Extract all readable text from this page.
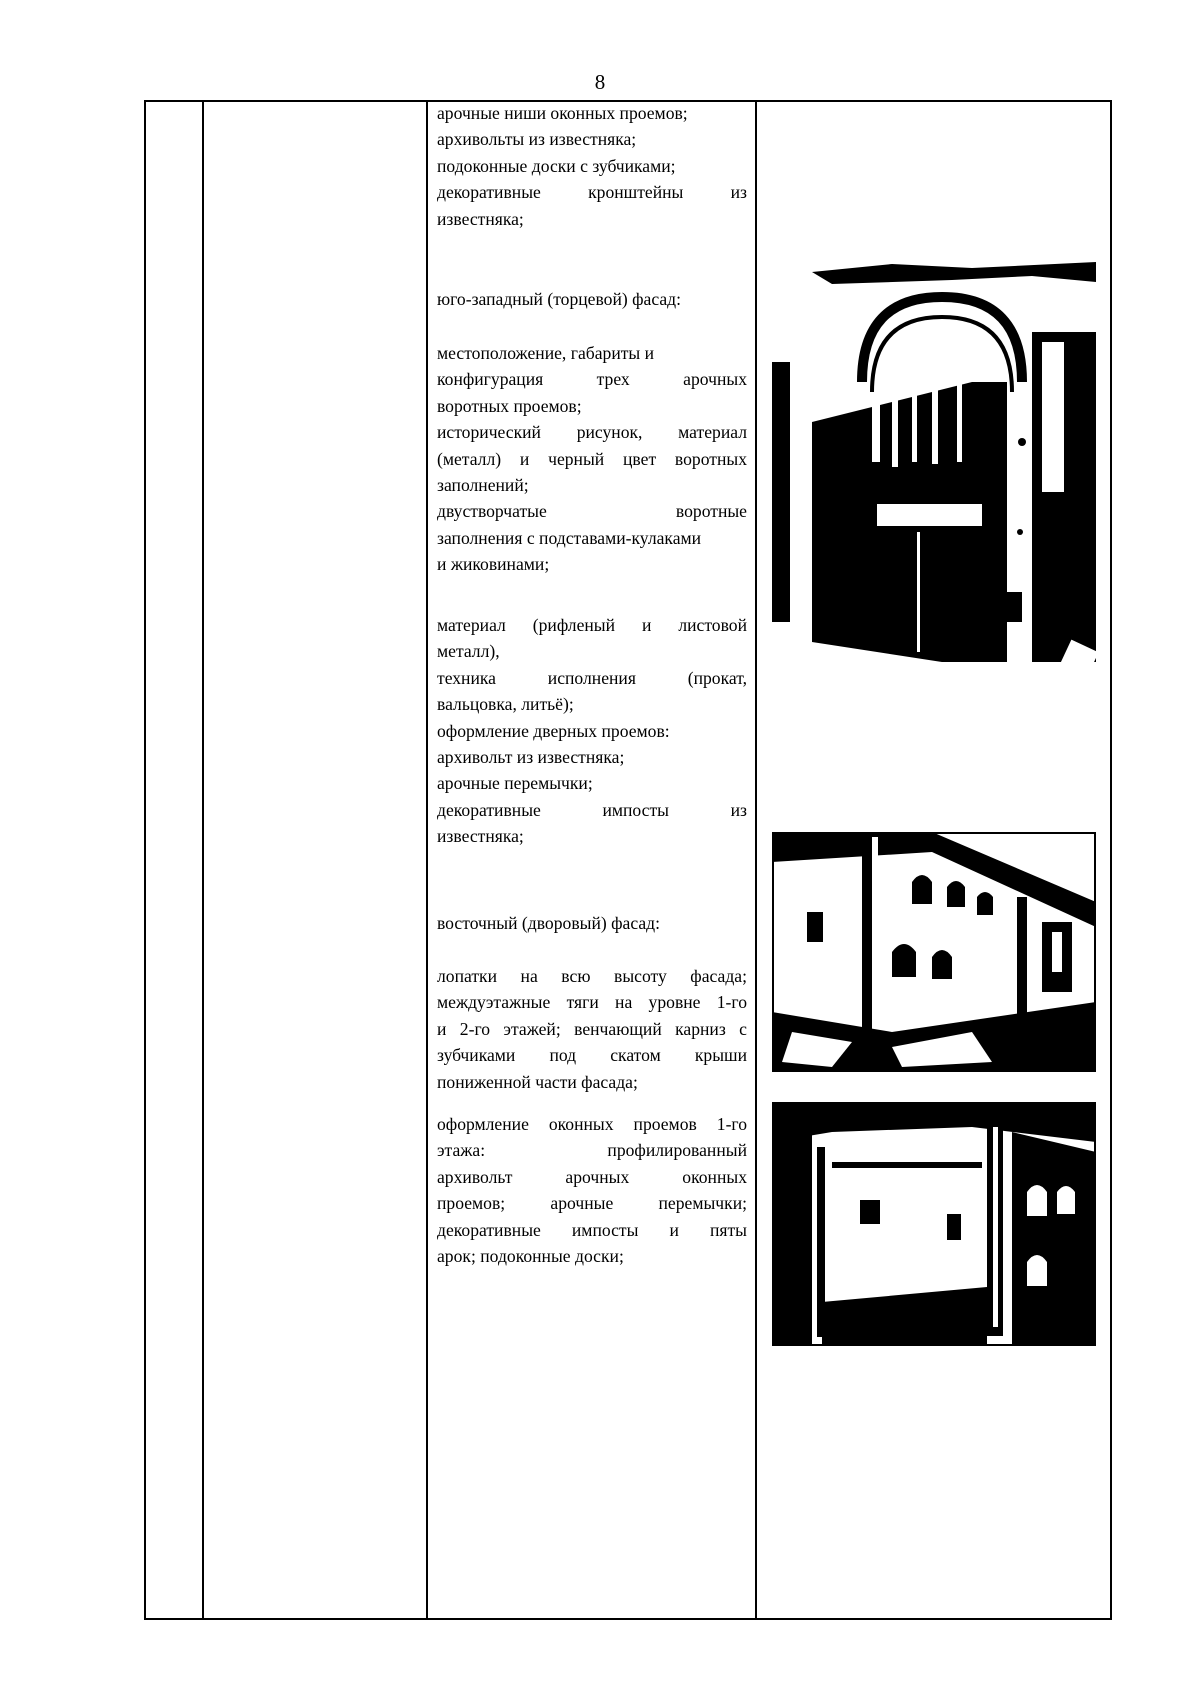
8
арочные ниши оконных проемов;
архивольты из известняка;
подоконные доски с зубчиками;
декоративные кронштейны из
известняка;
юго-западный (торцевой) фасад:
местоположение, габариты и
конфигурация трех арочных
воротных проемов;
исторический рисунок, материал
(металл) и черный цвет воротных
заполнений;
двустворчатые воротные
заполнения с подставами-кулаками
и жиковинами;
материал (рифленый и листовой
металл),
техника исполнения (прокат,
вальцовка, литьё);
оформление дверных проемов:
архивольт из известняка;
арочные перемычки;
декоративные импосты из
известняка;
восточный (дворовый) фасад:
лопатки на всю высоту фасада;
междуэтажные тяги на уровне 1-го
и 2-го этажей; венчающий карниз с
зубчиками под скатом крыши
пониженной части фасада;
оформление оконных проемов 1-го
этажа: профилированный
архивольт арочных оконных
проемов; арочные перемычки;
декоративные импосты и пяты
арок; подоконные доски;
